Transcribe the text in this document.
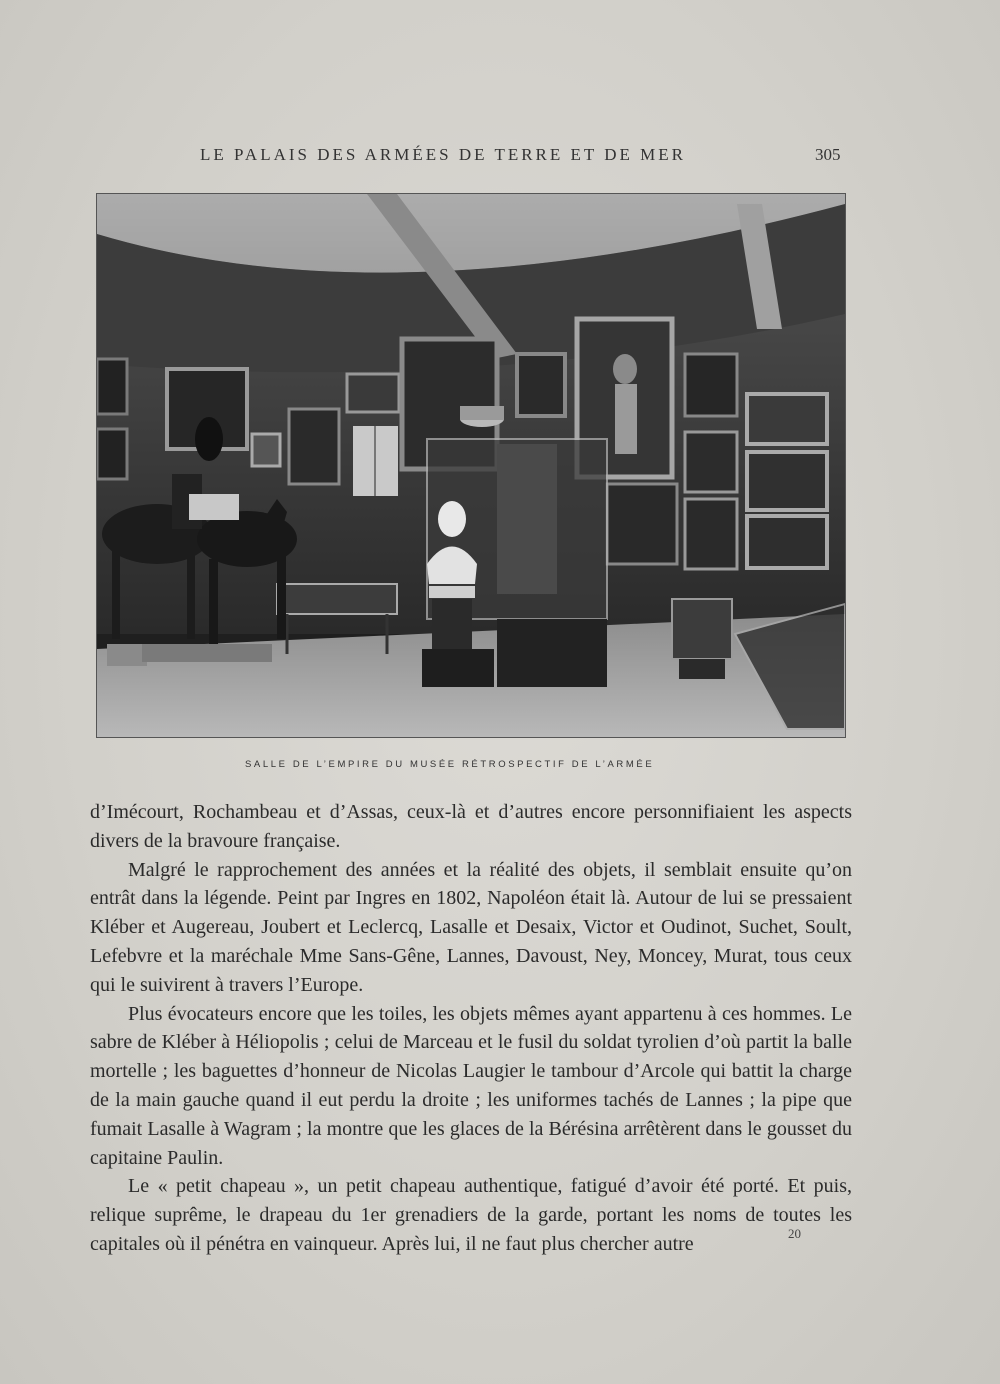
LE PALAIS DES ARMÉES DE TERRE ET DE MER	305
SALLE DE L’EMPIRE DU MUSÉE RÉTROSPECTIF DE L’ARMÉE

d’Imécourt, Rochambeau et d’Assas, ceux-là et d’autres encore personnifiaient les aspects divers de la bravoure française.

Malgré le rapprochement des années et la réalité des objets, il semblait ensuite qu’on entrât dans la légende. Peint par Ingres en 1802, Napoléon était là. Autour de lui se pressaient Kléber et Augereau, Joubert et Leclercq, Lasalle et Desaix, Victor et Oudinot, Suchet, Soult, Lefebvre et la maréchale Mme Sans-Gêne, Lannes, Davoust, Ney, Moncey, Murat, tous ceux qui le suivirent à travers l’Europe.

Plus évocateurs encore que les toiles, les objets mêmes ayant appartenu à ces hommes. Le sabre de Kléber à Héliopolis ; celui de Marceau et le fusil du soldat tyrolien d’où partit la balle mortelle ; les baguettes d’honneur de Nicolas Laugier le tambour d’Arcole qui battit la charge de la main gauche quand il eut perdu la droite ; les uniformes tachés de Lannes ; la pipe que fumait Lasalle à Wagram ; la montre que les glaces de la Bérésina arrêtèrent dans le gousset du capitaine Paulin.

Le « petit chapeau », un petit chapeau authentique, fatigué d’avoir été porté. Et puis, relique suprême, le drapeau du 1er grenadiers de la garde, portant les noms de toutes les capitales où il pénétra en vainqueur. Après lui, il ne faut plus chercher autre	20
